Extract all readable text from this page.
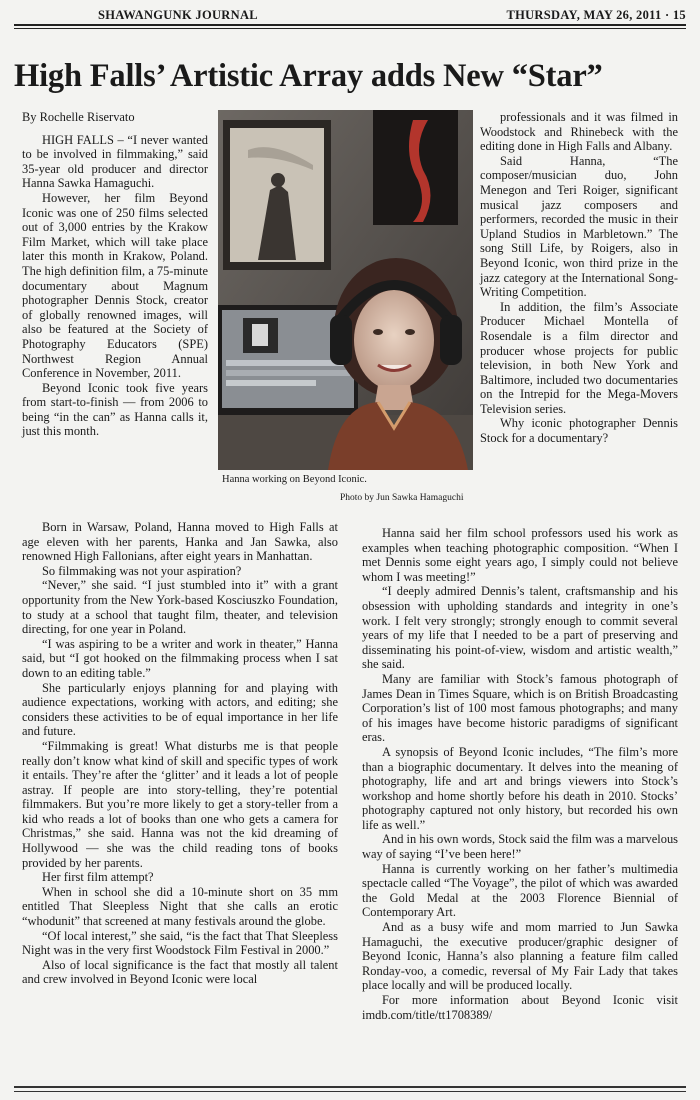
SHAWANGUNK JOURNAL	THURSDAY, MAY 26, 2011 · 15
High Falls’ Artistic Array adds New “Star”

By Rochelle Riservato

HIGH FALLS – “I never wanted to be involved in filmmaking,” said 35-year old producer and director Hanna Sawka Hamaguchi.

However, her film Beyond Iconic was one of 250 films selected out of 3,000 entries by the Krakow Film Market, which will take place later this month in Krakow, Poland. The high definition film, a 75-minute documentary about Magnum photographer Dennis Stock, creator of globally renowned images, will also be featured at the Society of Photography Educators (SPE) Northwest Region Annual Conference in November, 2011.

Beyond Iconic took five years from start-to-finish — from 2006 to being “in the can” as Hanna calls it, just this month.

Hanna working on Beyond Iconic.
Photo by Jun Sawka Hamaguchi

Born in Warsaw, Poland, Hanna moved to High Falls at age eleven with her parents, Hanka and Jan Sawka, also renowned High Fallonians, after eight years in Manhattan.

So filmmaking was not your aspiration?

“Never,” she said. “I just stumbled into it” with a grant opportunity from the New York-based Kosciuszko Foundation, to study at a school that taught film, theater, and television directing, for one year in Poland.

“I was aspiring to be a writer and work in theater,” Hanna said, but “I got hooked on the filmmaking process when I sat down to an editing table.”

She particularly enjoys planning for and playing with audience expectations, working with actors, and editing; she considers these activities to be of equal importance in her life and future.

“Filmmaking is great! What disturbs me is that people really don’t know what kind of skill and specific types of work it entails. They’re after the ‘glitter’ and it leads a lot of people astray. If people are into story-telling, they’re potential filmmakers. But you’re more likely to get a story-teller from a kid who reads a lot of books than one who gets a camera for Christmas,” she said. Hanna was not the kid dreaming of Hollywood — she was the child reading tons of books provided by her parents.

Her first film attempt?

When in school she did a 10-minute short on 35 mm entitled That Sleepless Night that she calls an erotic “whodunit” that screened at many festivals around the globe.

“Of local interest,” she said, “is the fact that That Sleepless Night was in the very first Woodstock Film Festival in 2000.”

Also of local significance is the fact that mostly all talent and crew involved in Beyond Iconic were local

professionals and it was filmed in Woodstock and Rhinebeck with the editing done in High Falls and Albany.

Said Hanna, “The composer/musician duo, John Menegon and Teri Roiger, significant musical jazz composers and performers, recorded the music in their Upland Studios in Marbletown.” The song Still Life, by Roigers, also in Beyond Iconic, won third prize in the jazz category at the International Song-Writing Competition.

In addition, the film’s Associate Producer Michael Montella of Rosendale is a film director and producer whose projects for public television, in both New York and Baltimore, included two documentaries on the Intrepid for the Mega-Movers Television series.

Why iconic photographer Dennis Stock for a documentary?

Hanna said her film school professors used his work as examples when teaching photographic composition. “When I met Dennis some eight years ago, I simply could not believe whom I was meeting!”

“I deeply admired Dennis’s talent, craftsmanship and his obsession with upholding standards and integrity in one’s work. I felt very strongly; strongly enough to commit several years of my life that I needed to be a part of preserving and disseminating his point-of-view, wisdom and artistic wealth,” she said.

Many are familiar with Stock’s famous photograph of James Dean in Times Square, which is on British Broadcasting Corporation’s list of 100 most famous photographs; and many of his images have become historic paradigms of significant eras.

A synopsis of Beyond Iconic includes, “The film’s more than a biographic documentary. It delves into the meaning of photography, life and art and brings viewers into Stock’s workshop and home shortly before his death in 2010. Stocks’ photography captured not only history, but recorded his own life as well.”

And in his own words, Stock said the film was a marvelous way of saying “I’ve been here!”

Hanna is currently working on her father’s multimedia spectacle called “The Voyage”, the pilot of which was awarded the Gold Medal at the 2003 Florence Biennial of Contemporary Art.

And as a busy wife and mom married to Jun Sawka Hamaguchi, the executive producer/graphic designer of Beyond Iconic, Hanna’s also planning a feature film called Ronday-voo, a comedic, reversal of My Fair Lady that takes place locally and will be produced locally.

For more information about Beyond Iconic visit imdb.com/title/tt1708389/
